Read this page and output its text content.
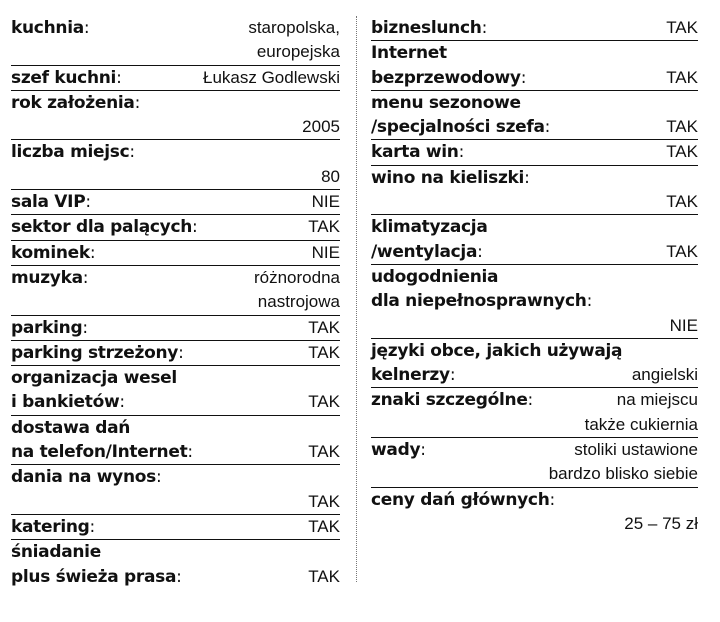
kuchnia:	staropolska,
europejska
szef kuchni:	Łukasz Godlewski
rok założenia:
2005
liczba miejsc:
80
sala VIP:	NIE
sektor dla palących:	TAK
kominek:	NIE
muzyka:	różnorodna
nastrojowa
parking:	TAK
parking strzeżony:	TAK
organizacja wesel
i bankietów:	TAK
dostawa dań
na telefon/Internet:	TAK
dania na wynos:
TAK
katering:	TAK
śniadanie
plus świeża prasa:	TAK
bizneslunch:	TAK
Internet
bezprzewodowy:	TAK
menu sezonowe
/specjalności szefa:	TAK
karta win:	TAK
wino na kieliszki:
TAK
klimatyzacja
/wentylacja:	TAK
udogodnienia
dla niepełnosprawnych:
NIE
języki obce, jakich używają
kelnerzy:	angielski
znaki szczególne:	na miejscu
także cukiernia
wady:	stoliki ustawione
bardzo blisko siebie
ceny dań głównych:
25 – 75 zł
